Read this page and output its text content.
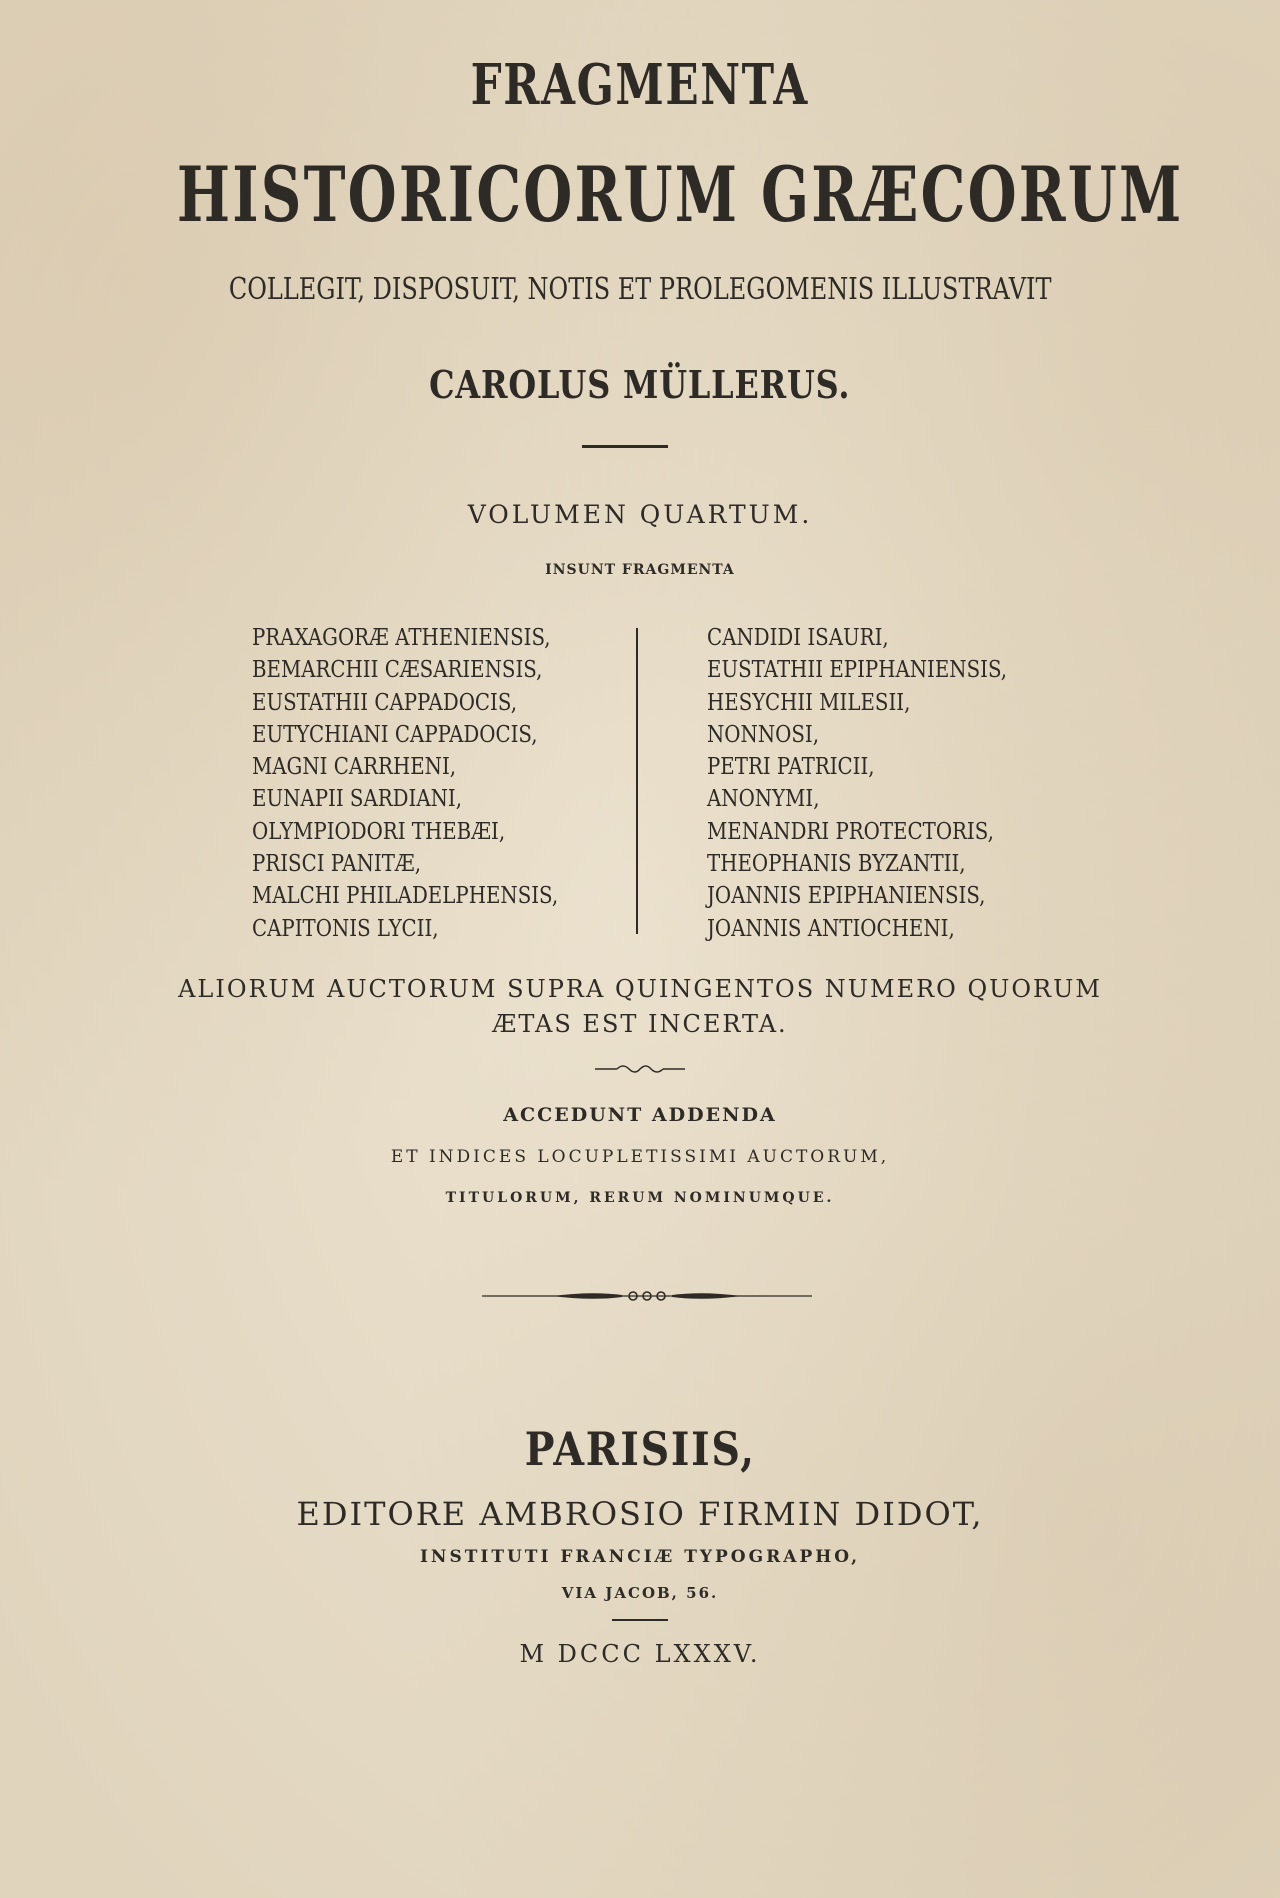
FRAGMENTA
HISTORICORUM GRÆCORUM
COLLEGIT, DISPOSUIT, NOTIS ET PROLEGOMENIS ILLUSTRAVIT
CAROLUS MÜLLERUS.
VOLUMEN QUARTUM.
INSUNT FRAGMENTA
PRAXAGORÆ ATHENIENSIS,
BEMARCHII CÆSARIENSIS,
EUSTATHII CAPPADOCIS,
EUTYCHIANI CAPPADOCIS,
MAGNI CARRHENI,
EUNAPII SARDIANI,
OLYMPIODORI THEBÆI,
PRISCI PANITÆ,
MALCHI PHILADELPHENSIS,
CAPITONIS LYCII,
CANDIDI ISAURI,
EUSTATHII EPIPHANIENSIS,
HESYCHII MILESII,
NONNOSI,
PETRI PATRICII,
ANONYMI,
MENANDRI PROTECTORIS,
THEOPHANIS BYZANTII,
JOANNIS EPIPHANIENSIS,
JOANNIS ANTIOCHENI,
ALIORUM AUCTORUM SUPRA QUINGENTOS NUMERO QUORUM
ÆTAS EST INCERTA.
ACCEDUNT ADDENDA
ET INDICES LOCUPLETISSIMI AUCTORUM,
TITULORUM, RERUM NOMINUMQUE.
PARISIIS,
EDITORE AMBROSIO FIRMIN DIDOT,
INSTITUTI FRANCIÆ TYPOGRAPHO,
VIA JACOB, 56.
M DCCC LXXXV.
